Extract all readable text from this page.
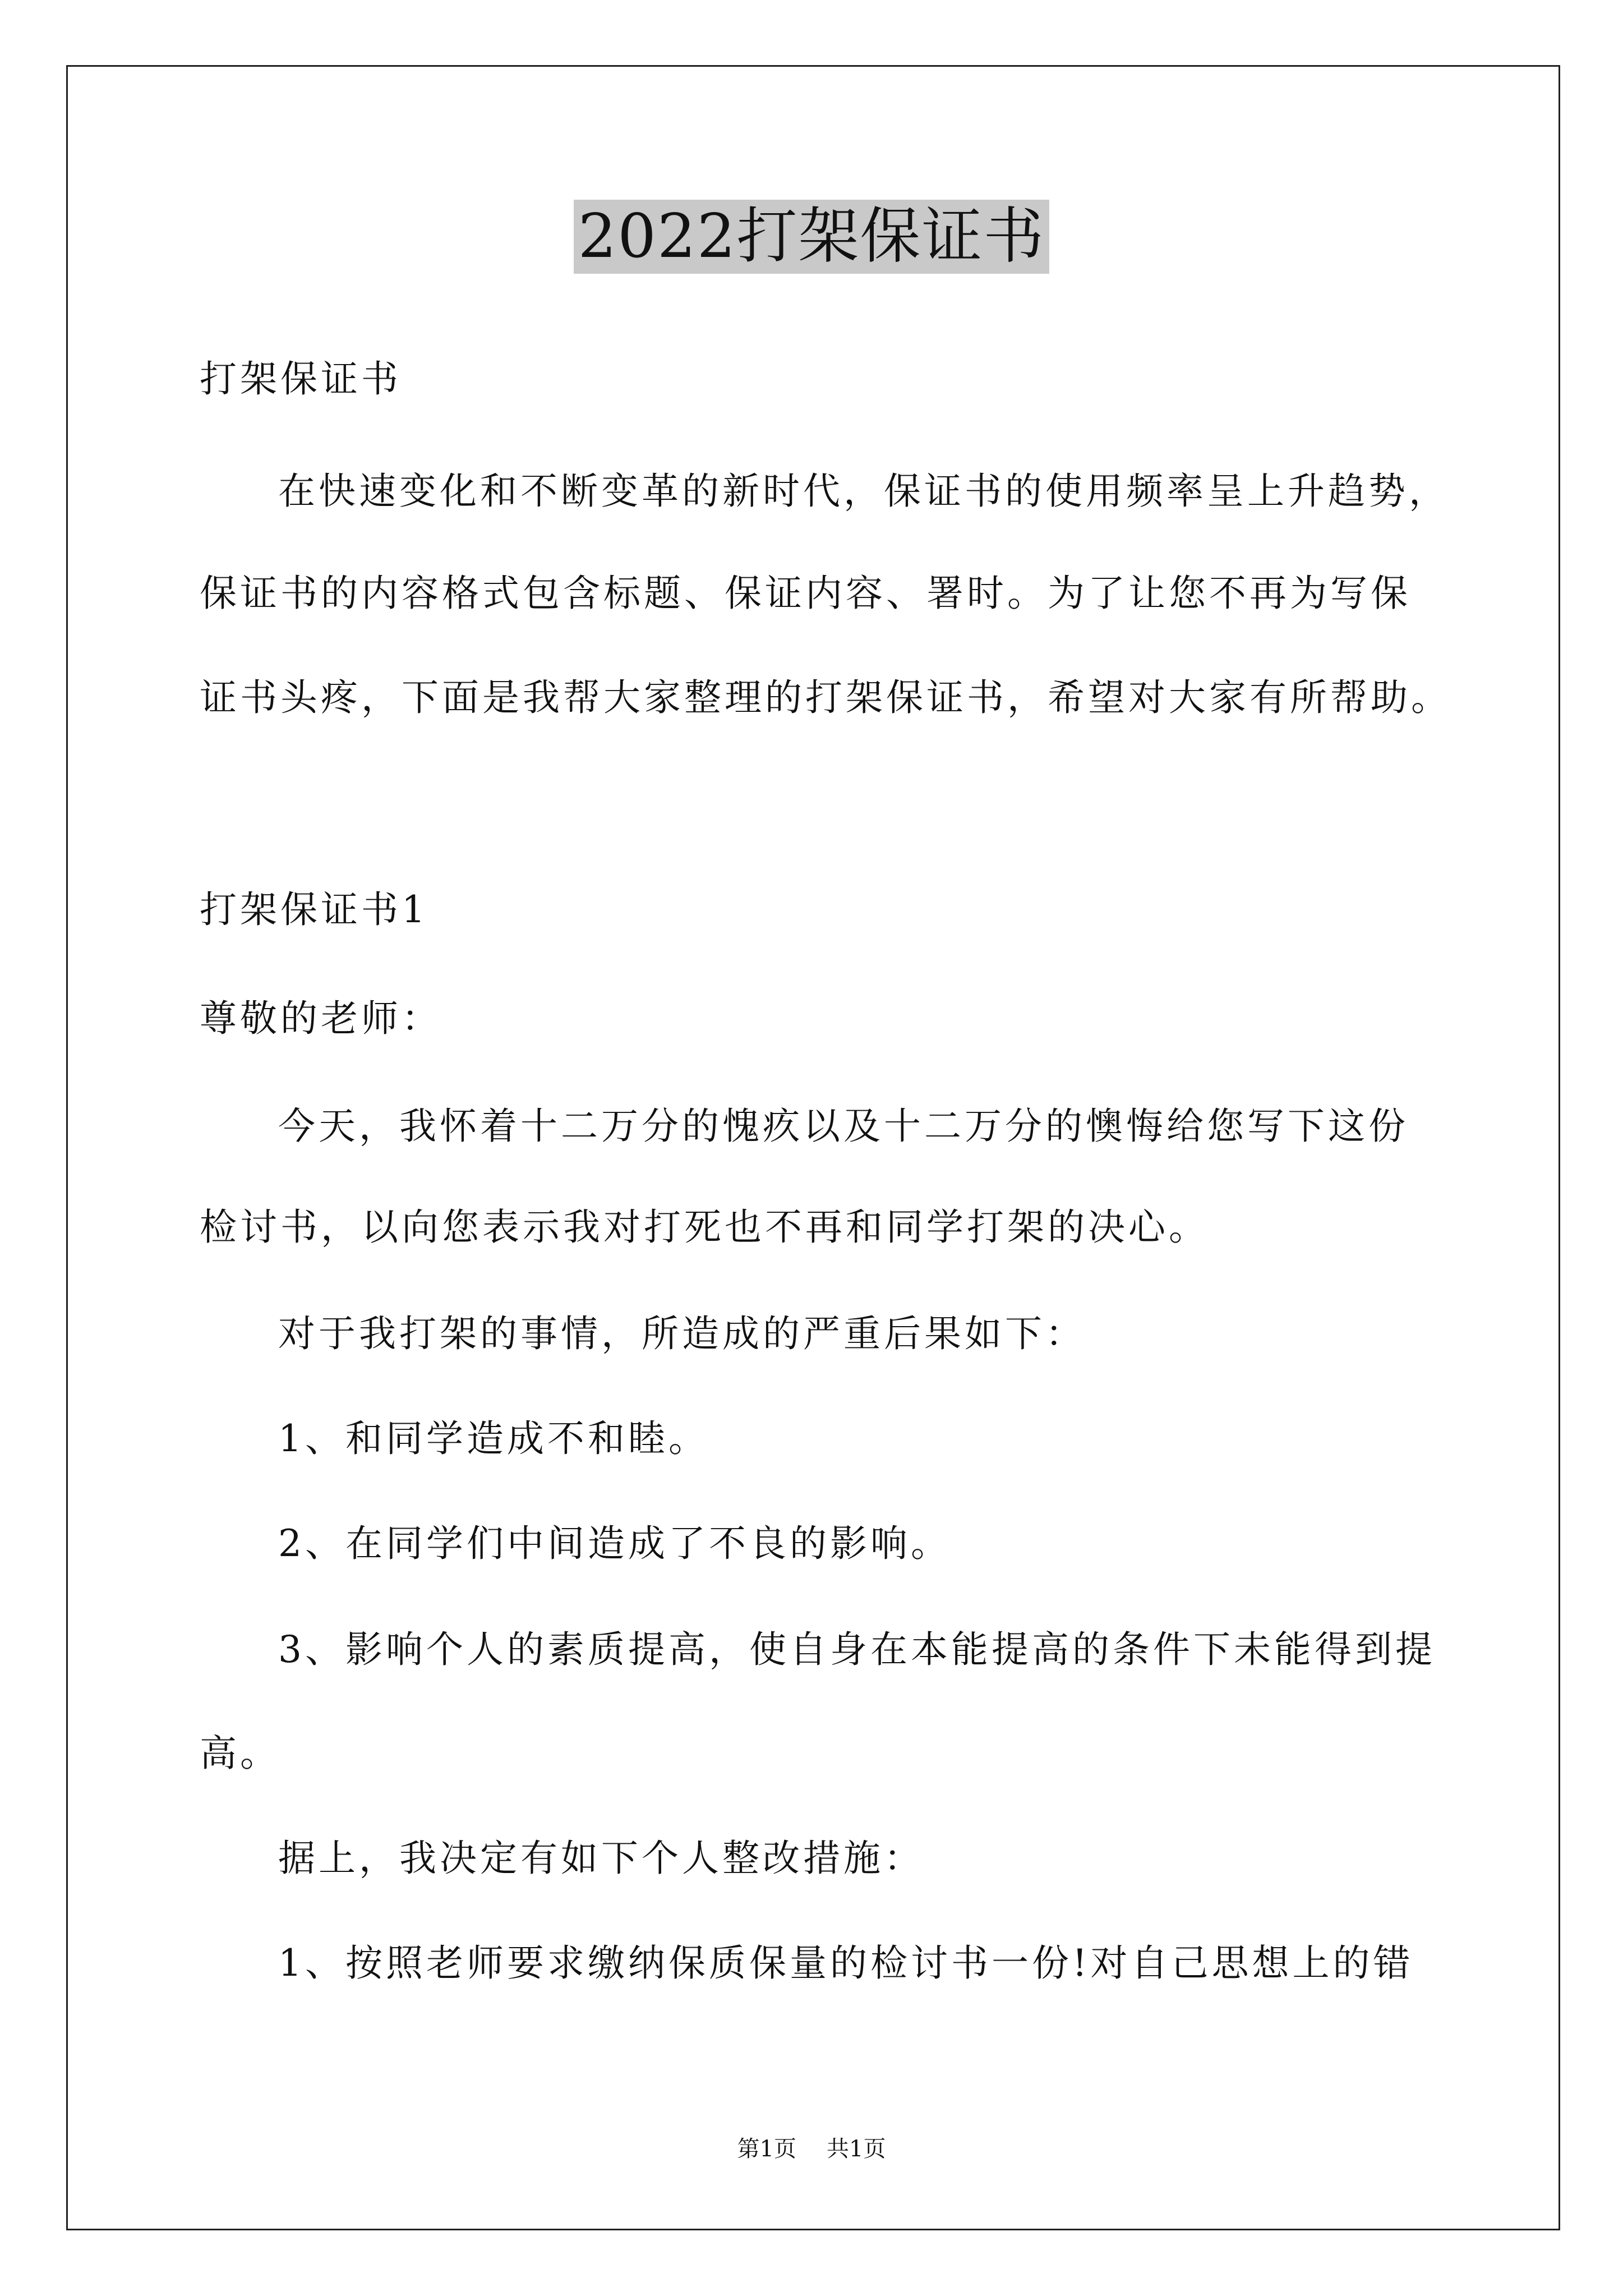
2022打架保证书
打架保证书
在快速变化和不断变革的新时代，保证书的使用频率呈上升趋势，
保证书的内容格式包含标题、保证内容、署时。为了让您不再为写保
证书头疼，下面是我帮大家整理的打架保证书，希望对大家有所帮助。
打架保证书1
尊敬的老师：
今天，我怀着十二万分的愧疚以及十二万分的懊悔给您写下这份
检讨书，以向您表示我对打死也不再和同学打架的决心。
对于我打架的事情，所造成的严重后果如下：
1、和同学造成不和睦。
2、在同学们中间造成了不良的影响。
3、影响个人的素质提高，使自身在本能提高的条件下未能得到提
高。
据上，我决定有如下个人整改措施：
1、按照老师要求缴纳保质保量的检讨书一份!对自己思想上的错
第1页 共1页
